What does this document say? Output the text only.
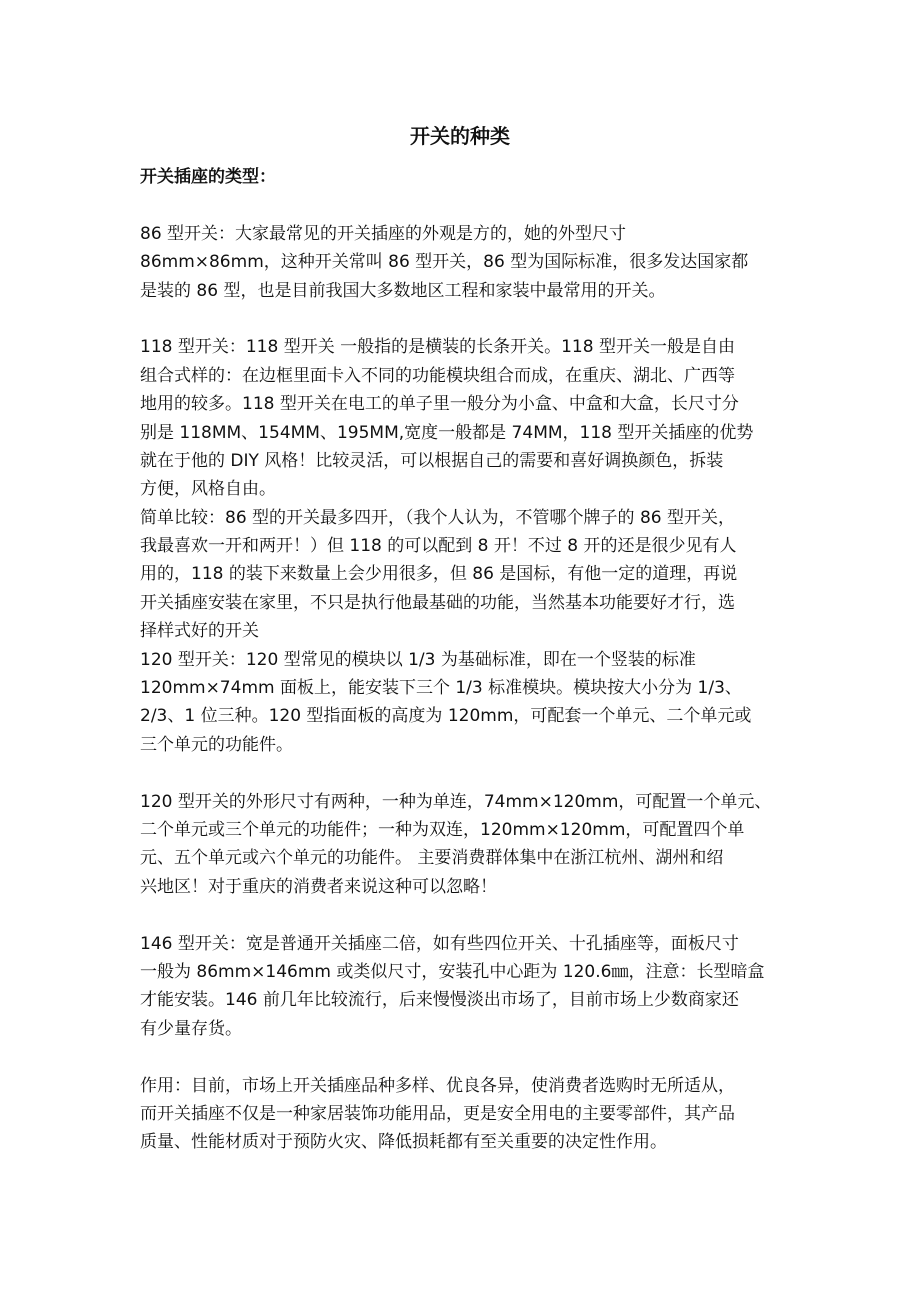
开关的种类

开关插座的类型：

86 型开关：大家最常见的开关插座的外观是方的，她的外型尺寸

86mm×86mm，这种开关常叫 86 型开关，86 型为国际标准，很多发达国家都

是装的 86 型，也是目前我国大多数地区工程和家装中最常用的开关。

118 型开关：118 型开关 一般指的是横装的长条开关。118 型开关一般是自由

组合式样的：在边框里面卡入不同的功能模块组合而成，在重庆、湖北、广西等

地用的较多。118 型开关在电工的单子里一般分为小盒、中盒和大盒，长尺寸分

别是 118MM、154MM、195MM,宽度一般都是 74MM，118 型开关插座的优势

就在于他的 DIY 风格！比较灵活，可以根据自己的需要和喜好调换颜色，拆装

方便，风格自由。

简单比较：86 型的开关最多四开，（我个人认为，不管哪个牌子的 86 型开关，

我最喜欢一开和两开！）但 118 的可以配到 8 开！不过 8 开的还是很少见有人

用的，118 的装下来数量上会少用很多，但 86 是国标，有他一定的道理，再说

开关插座安装在家里，不只是执行他最基础的功能，当然基本功能要好才行，选

择样式好的开关

120 型开关：120 型常见的模块以 1/3 为基础标准，即在一个竖装的标准

120mm×74mm 面板上，能安装下三个 1/3 标准模块。模块按大小分为 1/3、

2/3、1 位三种。120 型指面板的高度为 120mm，可配套一个单元、二个单元或

三个单元的功能件。

120 型开关的外形尺寸有两种，一种为单连，74mm×120mm，可配置一个单元、

二个单元或三个单元的功能件；一种为双连，120mm×120mm，可配置四个单

元、五个单元或六个单元的功能件。 主要消费群体集中在浙江杭州、湖州和绍

兴地区！对于重庆的消费者来说这种可以忽略！

146 型开关：宽是普通开关插座二倍，如有些四位开关、十孔插座等，面板尺寸

一般为 86mm×146mm 或类似尺寸，安装孔中心距为 120.6㎜，注意：长型暗盒

才能安装。146 前几年比较流行，后来慢慢淡出市场了，目前市场上少数商家还

有少量存货。

作用：目前，市场上开关插座品种多样、优良各异，使消费者选购时无所适从，

而开关插座不仅是一种家居装饰功能用品，更是安全用电的主要零部件，其产品

质量、性能材质对于预防火灾、降低损耗都有至关重要的决定性作用。
